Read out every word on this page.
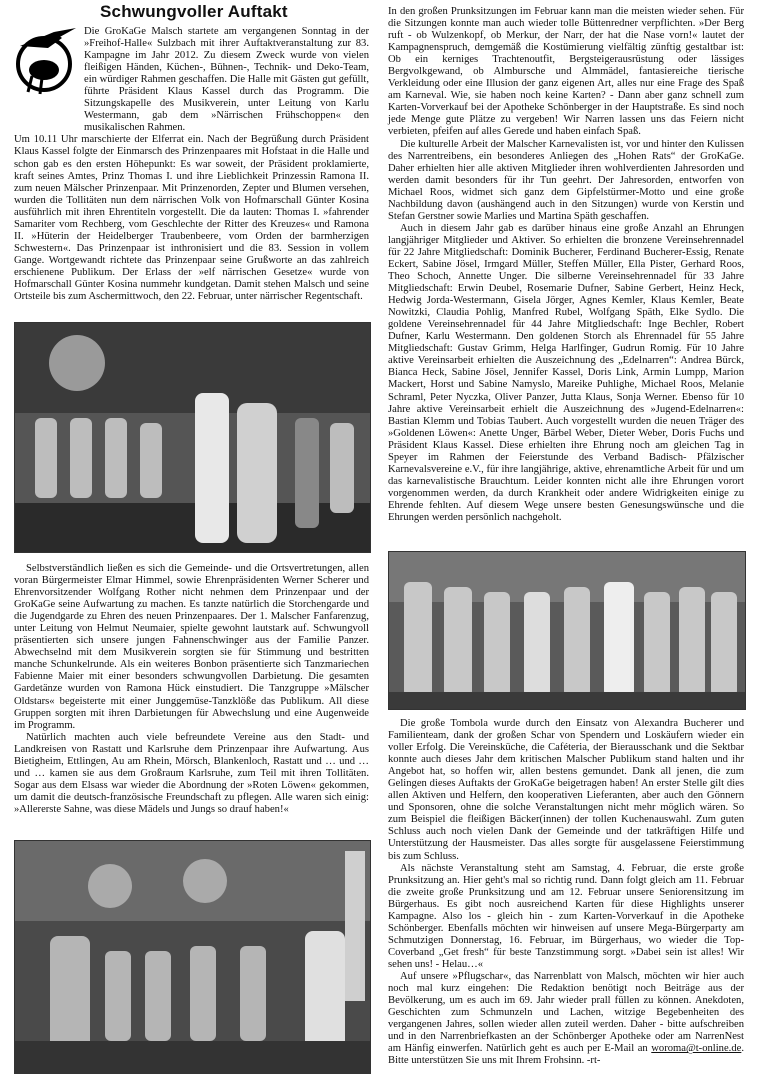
Schwungvoller Auftakt

Die GroKaGe Malsch startete am vergangenen Sonntag in der »Freihof-Halle« Sulzbach mit ihrer Auftaktveranstaltung zur 83. Kampagne im Jahr 2012. Zu diesem Zweck wurde von vielen fleißigen Händen, Küchen-, Bühnen-, Technik- und Deko-Team, ein würdiger Rahmen geschaffen. Die Halle mit Gästen gut gefüllt, führte Präsident Klaus Kassel durch das Programm. Die Sitzungskapelle des Musikverein, unter Leitung von Karlu Westermann, gab dem »Närrischen Frühschoppen« den musikalischen Rahmen.

Um 10.11 Uhr marschierte der Elferrat ein. Nach der Begrüßung durch Präsident Klaus Kassel folgte der Einmarsch des Prinzenpaares mit Hofstaat in die Halle und schon gab es den ersten Höhepunkt: Es war soweit, der Präsident proklamierte, kraft seines Amtes, Prinz Thomas I. und ihre Lieblichkeit Prinzessin Ramona II. zum neuen Mälscher Prinzenpaar. Mit Prinzenorden, Zepter und Blumen versehen, wurden die Tollitäten nun dem närrischen Volk von Hofmarschall Günter Kosina ausführlich mit ihren Ehrentiteln vorgestellt. Die da lauten: Thomas I. »fahrender Samariter vom Rechberg, vom Geschlechte der Ritter des Kreuzes« und Ramona II. »Hüterin der Heidelberger Traubenbeere, vom Orden der barmherzigen Schwestern«. Das Prinzenpaar ist inthronisiert und die 83. Session in vollem Gange. Wortgewandt richtete das Prinzenpaar seine Grußworte an das zahlreich erschienene Publikum. Der Erlass der »elf närrischen Gesetze« wurde von Hofmarschall Günter Kosina nummehr kundgetan. Damit stehen Malsch und seine Ortsteile bis zum Aschermittwoch, den 22. Februar, unter närrischer Regentschaft.

Selbstverständlich ließen es sich die Gemeinde- und die Ortsvertretungen, allen voran Bürgermeister Elmar Himmel, sowie Ehrenpräsidenten Werner Scherer und Ehrenvorsitzender Wolfgang Rother nicht nehmen dem Prinzenpaar und der GroKaGe seine Aufwartung zu machen. Es tanzte natürlich die Storchengarde und die Jugendgarde zu Ehren des neuen Prinzenpaares. Der 1. Malscher Fanfarenzug, unter Leitung von Helmut Neumaier, spielte gewohnt lautstark auf. Schwungvoll präsentierten sich unsere jungen Fahnenschwinger aus der Familie Panzer. Abwechselnd mit dem Musikverein sorgten sie für Stimmung und bestritten manche Schunkelrunde. Als ein weiteres Bonbon präsentierte sich Tanzmariechen Fabienne Maier mit einer besonders schwungvollen Darbietung. Die gesamten Gardetänze wurden von Ramona Hück einstudiert. Die Tanzgruppe »Mälscher Oldstars« begeisterte mit einer Junggemüse-Tanzklöße das Publikum. All diese Gruppen sorgten mit ihren Darbietungen für Abwechslung und eine Augenweide im Programm.

Natürlich machten auch viele befreundete Vereine aus den Stadt- und Landkreisen von Rastatt und Karlsruhe dem Prinzenpaar ihre Aufwartung. Aus Bietigheim, Ettlingen, Au am Rhein, Mörsch, Blankenloch, Rastatt und … und … und … kamen sie aus dem Großraum Karlsruhe, zum Teil mit ihren Tollitäten. Sogar aus dem Elsass war wieder die Abordnung der »Roten Löwen« gekommen, um damit die deutsch-französische Freundschaft zu pflegen. Alle waren sich einig: »Allererste Sahne, was diese Mädels und Jungs so drauf haben!«

In den großen Prunksitzungen im Februar kann man die meisten wieder sehen. Für die Sitzungen konnte man auch wieder tolle Büttenredner verpflichten. »Der Berg ruft - ob Wulzenkopf, ob Merkur, der Narr, der hat die Nase vorn!« lautet der Kampagnenspruch, demgemäß die Kostümierung vielfältig zünftig gestaltbar ist: Ob ein kerniges Trachtenoutfit, Bergsteigerausrüstung oder lässiges Bergvolkgewand, ob Almbursche und Almmädel, fantasiereiche tierische Verkleidung oder eine Illusion der ganz eigenen Art, alles nur eine Frage des Spaß am Karneval. Wie, sie haben noch keine Karten? - Dann aber ganz schnell zum Karten-Vorverkauf bei der Apotheke Schönberger in der Hauptstraße. Es sind noch jede Menge gute Plätze zu vergeben! Wir Narren lassen uns das Feiern nicht verbieten, pfeifen auf alles Gerede und haben einfach Spaß.

Die kulturelle Arbeit der Malscher Karnevalisten ist, vor und hinter den Kulissen des Narrentreibens, ein besonderes Anliegen des „Hohen Rats“ der GroKaGe. Daher erhielten hier alle aktiven Mitglieder ihren wohlverdienten Jahresorden und werden damit besonders für ihr Tun geehrt. Der Jahresorden, entworfen von Michael Roos, widmet sich ganz dem Gipfelstürmer-Motto und eine große Nachbildung davon (aushängend auch in den Sitzungen) wurde von Kerstin und Stefan Gerstner sowie Marlies und Martina Späth geschaffen.

Auch in diesem Jahr gab es darüber hinaus eine große Anzahl an Ehrungen langjähriger Mitglieder und Aktiver. So erhielten die bronzene Vereinsehrennadel für 22 Jahre Mitgliedschaft: Dominik Bucherer, Ferdinand Bucherer-Essig, Renate Eckert, Sabine Jösel, Irmgard Müller, Steffen Müller, Ella Pister, Gerhard Roos, Theo Schoch, Annette Unger. Die silberne Vereinsehrennadel für 33 Jahre Mitgliedschaft: Erwin Deubel, Rosemarie Dufner, Sabine Gerbert, Heinz Heck, Hedwig Jorda-Westermann, Gisela Jörger, Agnes Kemler, Klaus Kemler, Beate Nowitzki, Claudia Pohlig, Manfred Rubel, Wolfgang Späth, Elke Sydlo. Die goldene Vereinsehrennadel für 44 Jahre Mitgliedschaft: Inge Bechler, Robert Dufner, Karlu Westermann. Den goldenen Storch als Ehrennadel für 55 Jahre Mitgliedschaft: Gustav Grimm, Helga Harlfinger, Gudrun Romig. Für 10 Jahre aktive Vereinsarbeit erhielten die Auszeichnung des „Edelnarren“: Andrea Bürck, Bianca Heck, Sabine Jösel, Jennifer Kassel, Doris Link, Armin Lumpp, Marion Mackert, Horst und Sabine Namyslo, Mareike Puhlighe, Michael Roos, Melanie Schraml, Peter Nyczka, Oliver Panzer, Jutta Klaus, Sonja Werner. Ebenso für 10 Jahre aktive Vereinsarbeit erhielt die Auszeichnung des »Jugend-Edelnarren«: Bastian Klemm und Tobias Taubert. Auch vorgestellt wurden die neuen Träger des »Goldenen Löwen«: Anette Unger, Bärbel Weber, Dieter Weber, Doris Fuchs und Präsident Klaus Kassel. Diese erhielten ihre Ehrung noch am gleichen Tag in Speyer im Rahmen der Feierstunde des Verband Badisch- Pfälzischer Karnevalsvereine e.V., für ihre langjährige, aktive, ehrenamtliche Arbeit für und um das karnevalistische Brauchtum. Leider konnten nicht alle ihre Ehrungen vorort vorgenommen werden, da durch Krankheit oder andere Widrigkeiten einige zu Ehrende fehlten. Auf diesem Wege unsere besten Genesungswünsche und die Ehrungen werden persönlich nachgeholt.

Die große Tombola wurde durch den Einsatz von Alexandra Bucherer und Familienteam, dank der großen Schar von Spendern und Loskäufern wieder ein voller Erfolg. Die Vereinsküche, die Caféteria, der Bierausschank und die Sektbar konnte auch dieses Jahr dem kritischen Malscher Publikum stand halten und ihr Angebot hat, so hoffen wir, allen bestens gemundet. Dank all jenen, die zum Gelingen dieses Auftakts der GroKaGe beigetragen haben! An erster Stelle gilt dies allen Aktiven und Helfern, den kooperativen Lieferanten, aber auch den Gönnern und Sponsoren, ohne die solche Veranstaltungen nicht mehr möglich wären. So zum Beispiel die fleißigen Bäcker(innen) der tollen Kuchenauswahl. Zum guten Schluss auch noch vielen Dank der Gemeinde und der tatkräftigen Hilfe und Unterstützung der Hausmeister. Das alles sorgte für ausgelassene Feierstimmung bis zum Schluss.

Als nächste Veranstaltung steht am Samstag, 4. Februar, die erste große Prunksitzung an. Hier geht's mal so richtig rund. Dann folgt gleich am 11. Februar die zweite große Prunksitzung und am 12. Februar unsere Seniorensitzung im Bürgerhaus. Es gibt noch ausreichend Karten für diese Highlights unserer Kampagne. Also los - gleich hin - zum Karten-Vorverkauf in die Apotheke Schönberger. Ebenfalls möchten wir hinweisen auf unsere Mega-Bürgerparty am Schmutzigen Donnerstag, 16. Februar, im Bürgerhaus, wo wieder die Top-Coverband „Get fresh“ für beste Tanzstimmung sorgt. »Dabei sein ist alles! Wir sehen uns! - Helau…«

Auf unsere »Pflugschar«, das Narrenblatt von Malsch, möchten wir hier auch noch mal kurz eingehen: Die Redaktion benötigt noch Beiträge aus der Bevölkerung, um es auch im 69. Jahr wieder prall füllen zu können. Anekdoten, Geschichten zum Schmunzeln und Lachen, witzige Begebenheiten des vergangenen Jahres, sollen wieder allen zuteil werden. Daher - bitte aufschreiben und in den Narrenbriefkasten an der Schönberger Apotheke oder am NarrenNest am Hänfig einwerfen. Natürlich geht es auch per E-Mail an woroma@t-online.de. Bitte unterstützen Sie uns mit Ihrem Frohsinn. -rt-
